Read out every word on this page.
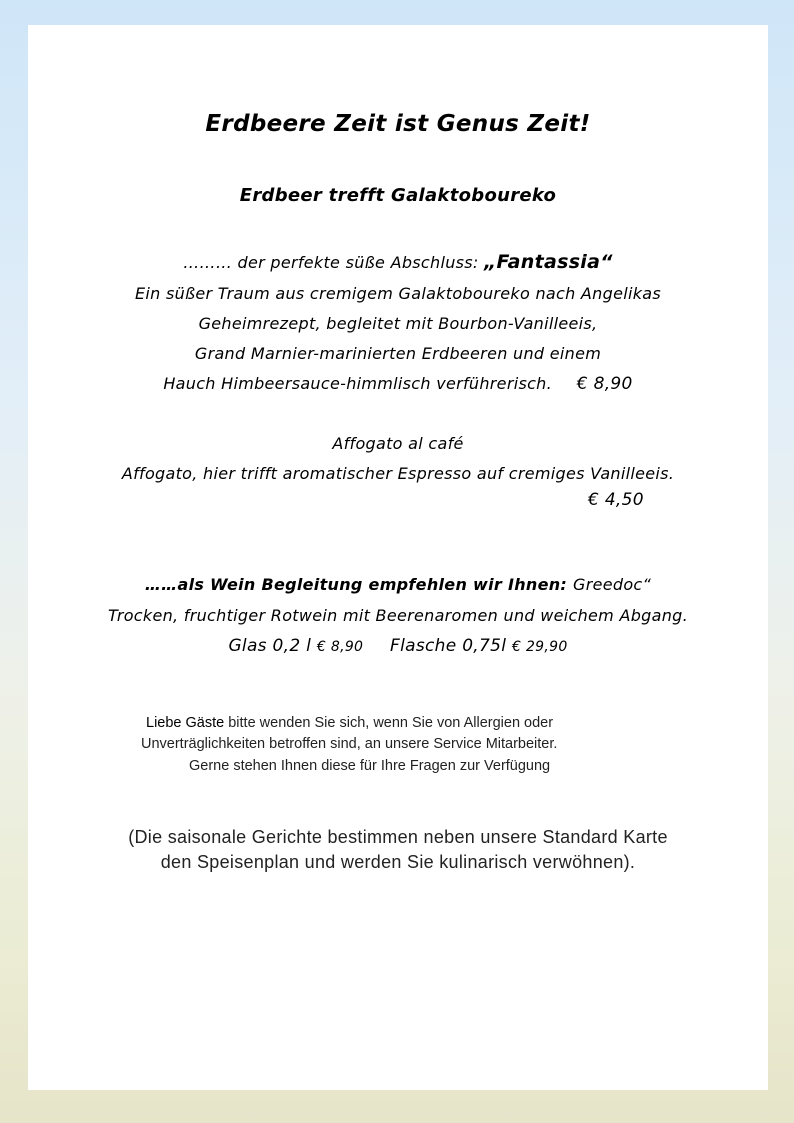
Erdbeere Zeit ist Genus Zeit!
Erdbeer trefft Galaktoboureko
……… der perfekte süße Abschluss: „Fantassia“
Ein süßer Traum aus cremigem Galaktoboureko nach Angelikas
Geheimrezept, begleitet mit Bourbon-Vanilleeis,
Grand Marnier-marinierten Erdbeeren und einem
Hauch Himbeersauce-himmlisch verführerisch. € 8,90
Affogato al café
Affogato, hier trifft aromatischer Espresso auf cremiges Vanilleeis.
€ 4,50
……als Wein Begleitung empfehlen wir Ihnen: Greedoc“
Trocken, fruchtiger Rotwein mit Beerenaromen und weichem Abgang.
Glas 0,2 l € 8,90 Flasche 0,75l € 29,90
Liebe Gäste bitte wenden Sie sich, wenn Sie von Allergien oder
Unverträglichkeiten betroffen sind, an unsere Service Mitarbeiter.
Gerne stehen Ihnen diese für Ihre Fragen zur Verfügung
(Die saisonale Gerichte bestimmen neben unsere Standard Karte
den Speisenplan und werden Sie kulinarisch verwöhnen).
